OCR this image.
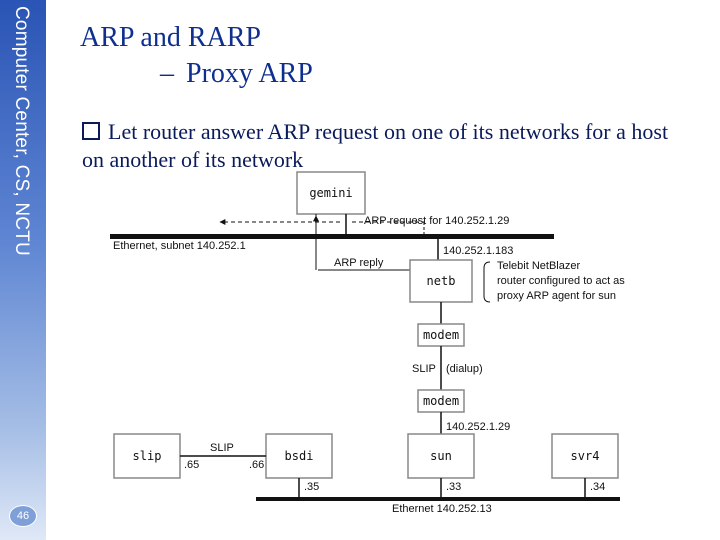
Computer Center, CS, NCTU
46
ARP and RARP
– Proxy ARP
Let router answer ARP request on one of its networks for a host on another of its network
Ethernet, subnet 140.252.1
gemini
ARP request for 140.252.1.29
ARP reply
140.252.1.183
netb
Telebit NetBlazer
router configured to act as
proxy ARP agent for sun
modem
SLIP (dialup)
modem
140.252.1.29
slip	bsdi	sun	svr4
SLIP
.65	.66
.35	.33	.34
Ethernet 140.252.13
